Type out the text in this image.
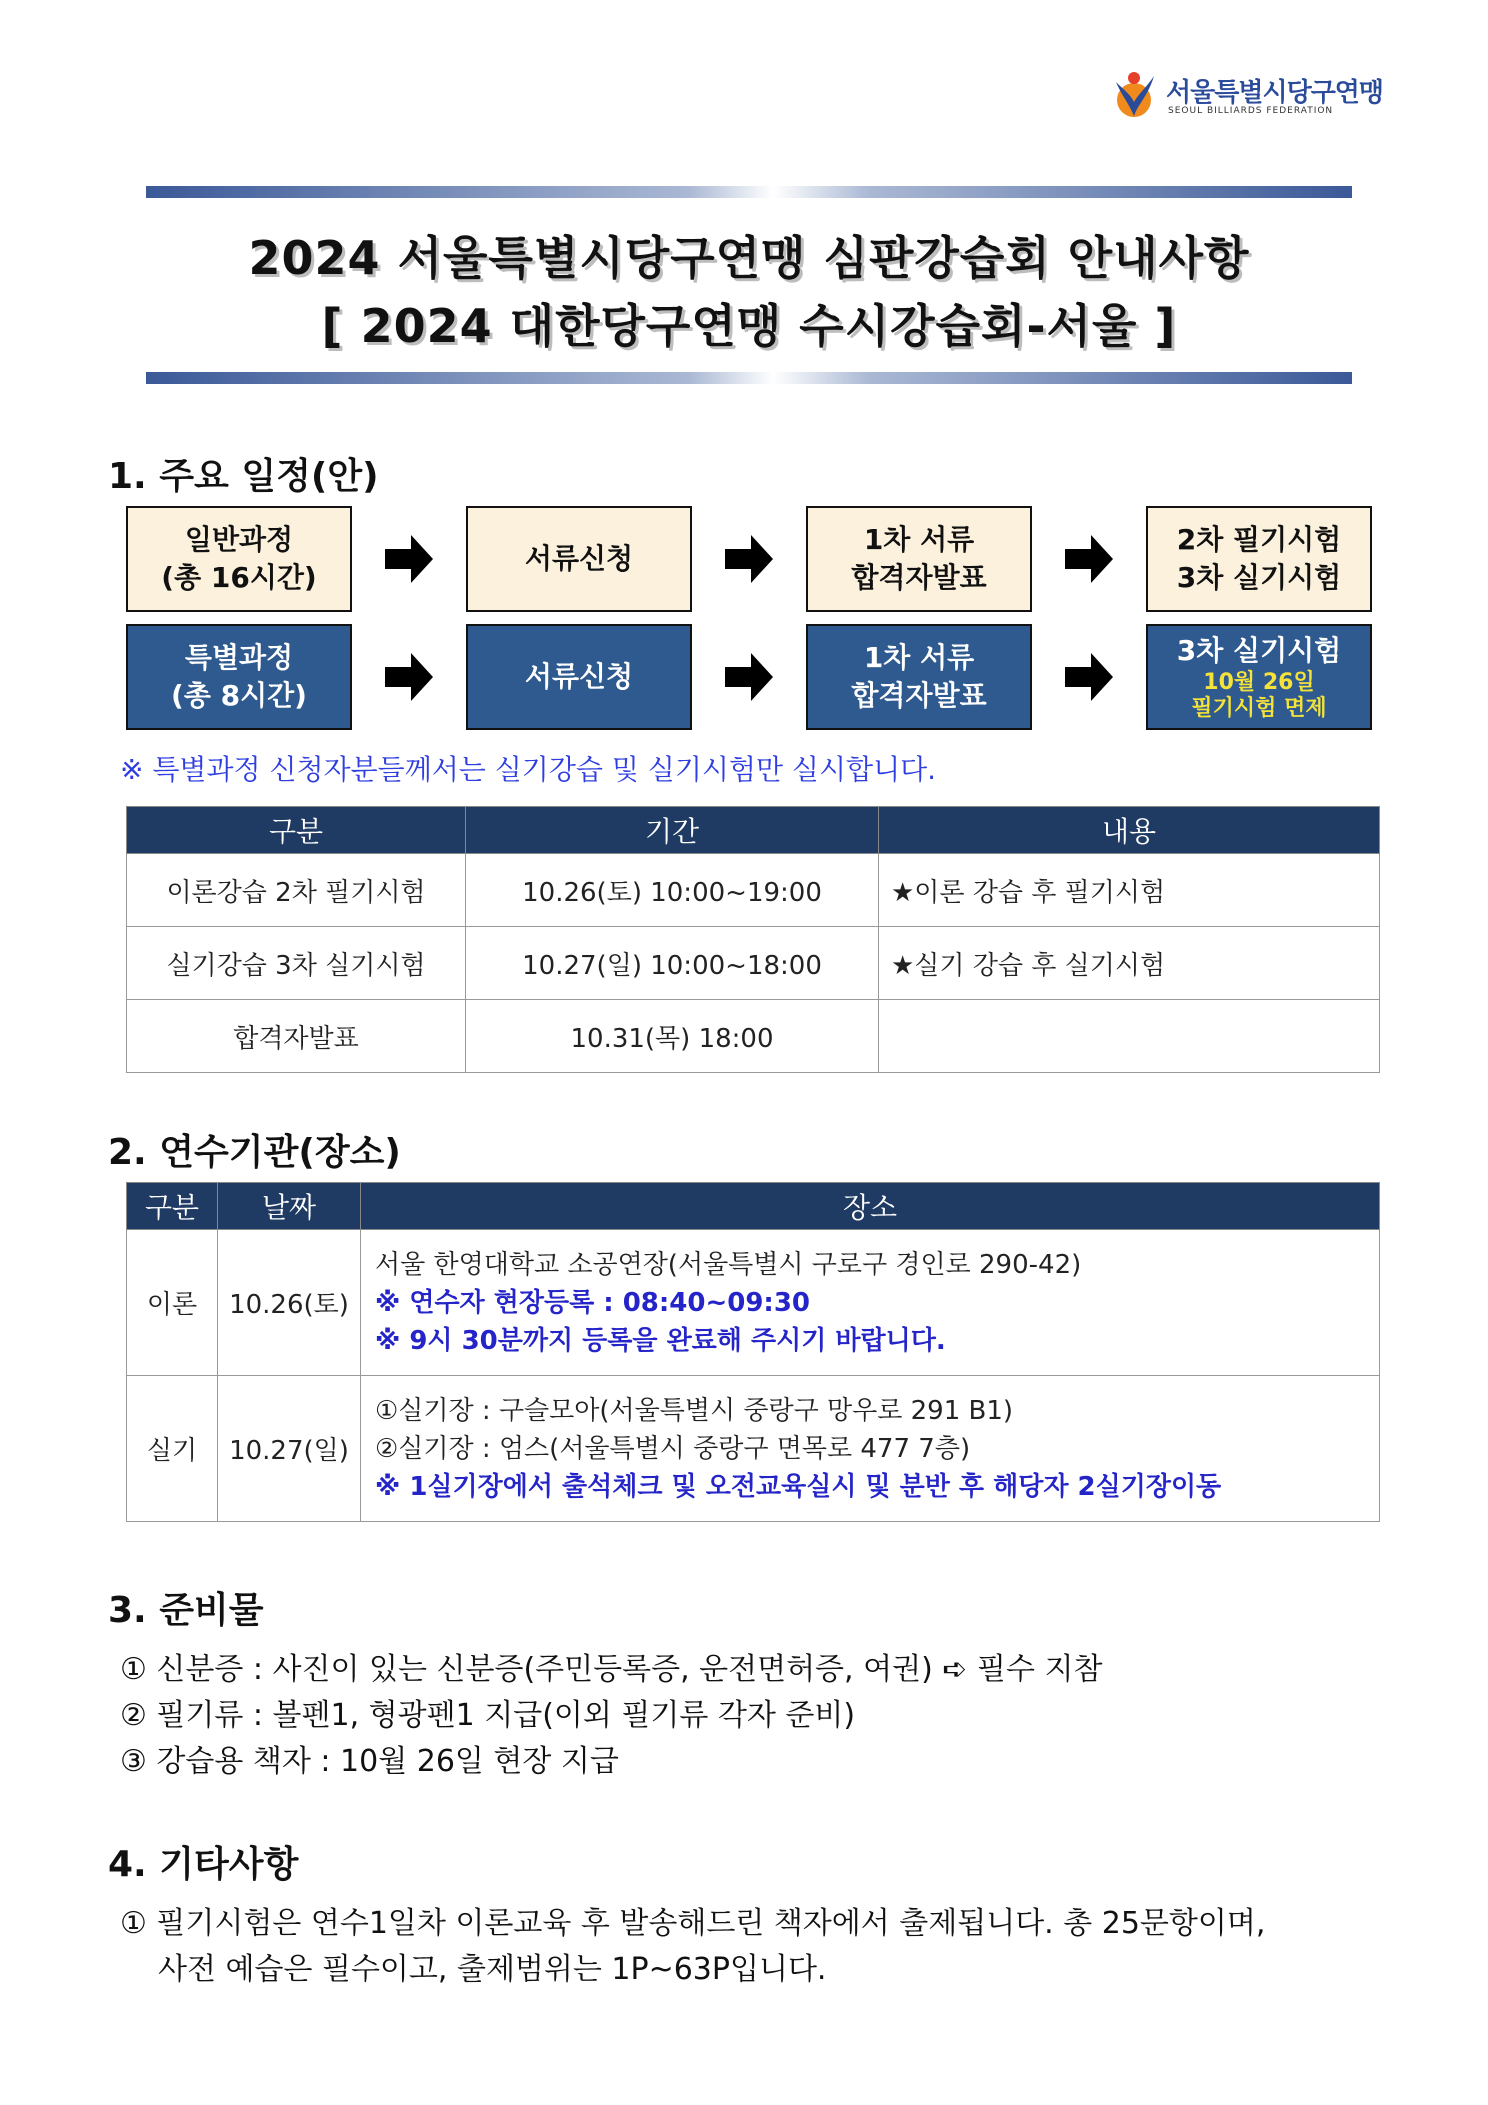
서울특별시당구연맹
SEOUL BILLIARDS FEDERATION
2024 서울특별시당구연맹 심판강습회 안내사항
[ 2024 대한당구연맹 수시강습회-서울 ]
1. 주요 일정(안)
일반과정
(총 16시간)
서류신청
1차 서류
합격자발표
2차 필기시험
3차 실기시험
특별과정
(총 8시간)
서류신청
1차 서류
합격자발표
3차 실기시험
10월 26일
필기시험 면제
※ 특별과정 신청자분들께서는 실기강습 및 실기시험만 실시합니다.
구분	기간	내용
이론강습 2차 필기시험	10.26(토) 10:00~19:00	★이론 강습 후 필기시험
실기강습 3차 실기시험	10.27(일) 10:00~18:00	★실기 강습 후 실기시험
합격자발표	10.31(목) 18:00	
2. 연수기관(장소)
구분	날짜	장소
이론	10.26(토)	서울 한영대학교 소공연장(서울특별시 구로구 경인로 290-42)
※ 연수자 현장등록 : 08:40~09:30
※ 9시 30분까지 등록을 완료해 주시기 바랍니다.

실기	10.27(일)	①실기장 : 구슬모아(서울특별시 중랑구 망우로 291 B1)
②실기장 : 엄스(서울특별시 중랑구 면목로 477 7층)
※ 1실기장에서 출석체크 및 오전교육실시 및 분반 후 해당자 2실기장이동
3. 준비물
① 신분증 : 사진이 있는 신분증(주민등록증, 운전면허증, 여권) ➪ 필수 지참
② 필기류 : 볼펜1, 형광펜1 지급(이외 필기류 각자 준비)
③ 강습용 책자 : 10월 26일 현장 지급
4. 기타사항
① 필기시험은 연수1일차 이론교육 후 발송해드린 책자에서 출제됩니다. 총 25문항이며,
사전 예습은 필수이고, 출제범위는 1P~63P입니다.
